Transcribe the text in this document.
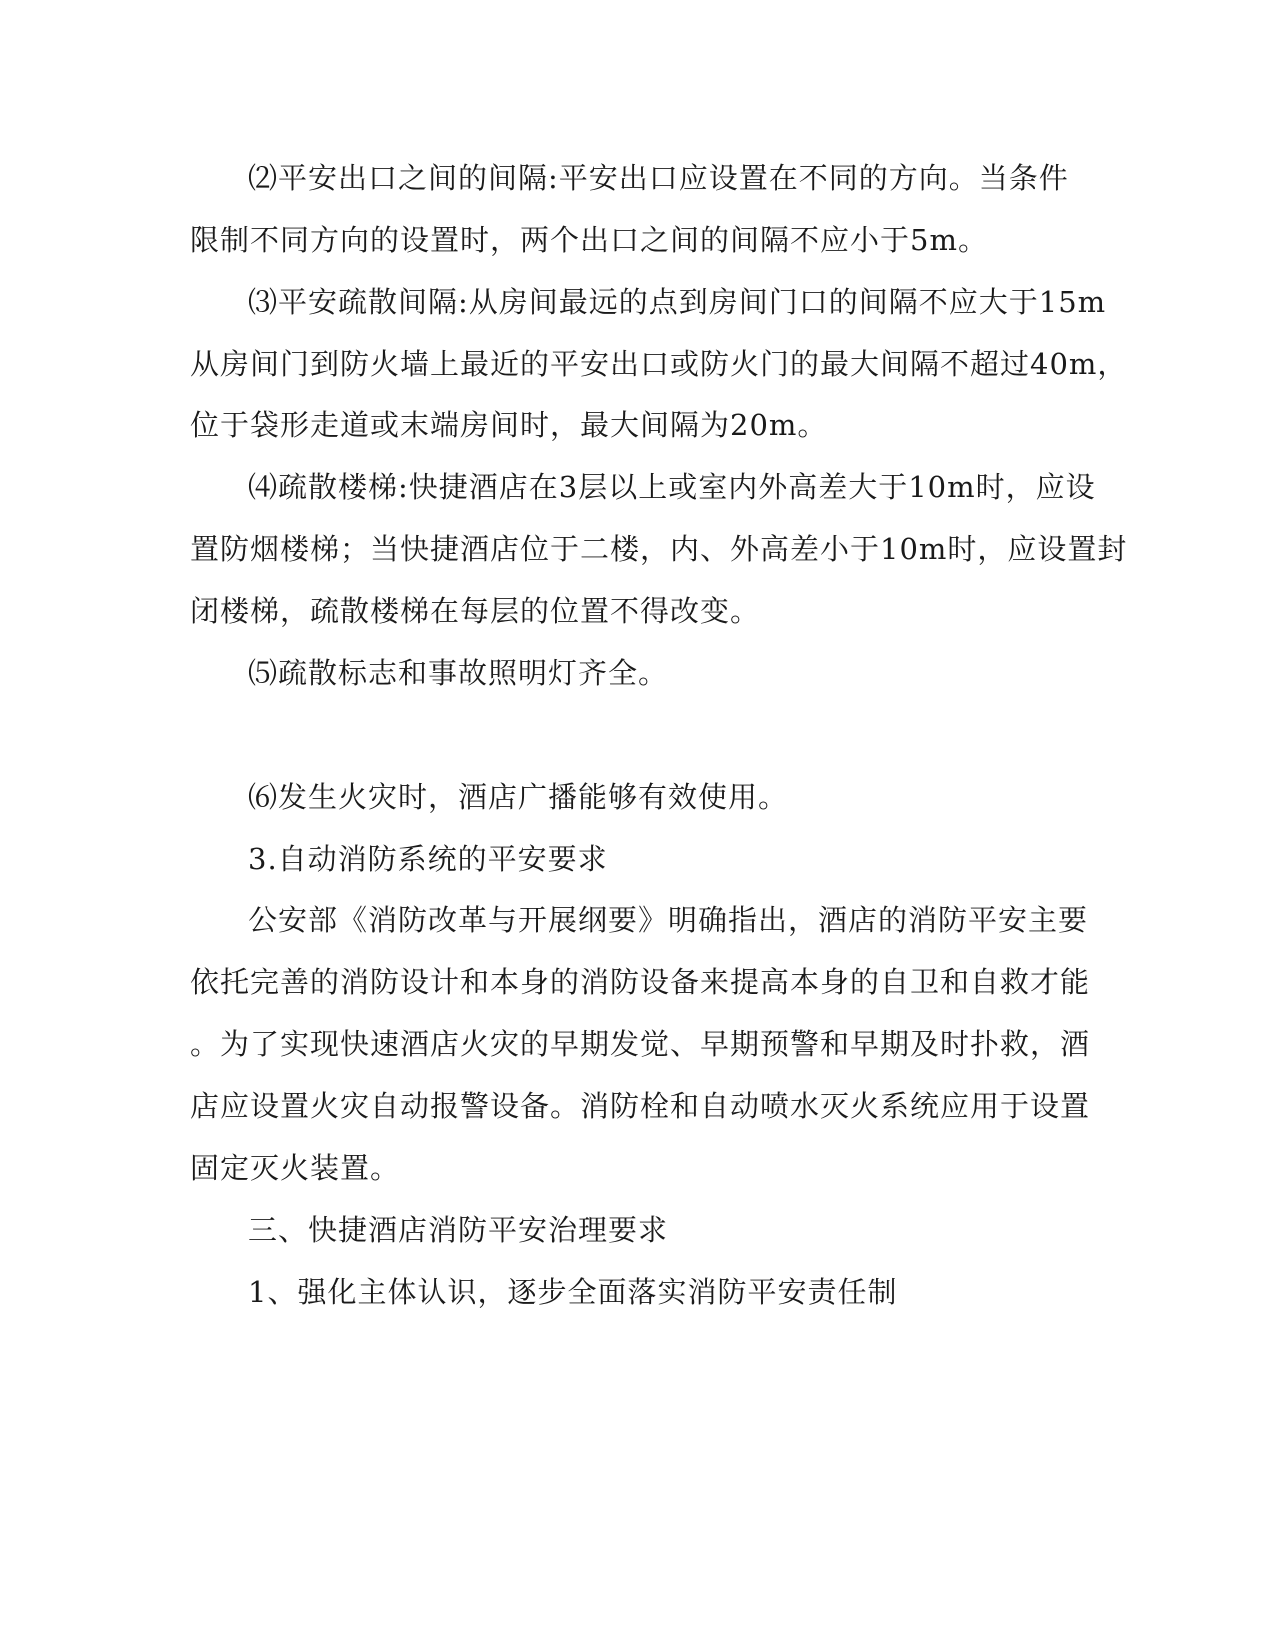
⑵平安出口之间的间隔:平安出口应设置在不同的方向。当条件
限制不同方向的设置时，两个出口之间的间隔不应小于5m。
⑶平安疏散间隔:从房间最远的点到房间门口的间隔不应大于15m
从房间门到防火墙上最近的平安出口或防火门的最大间隔不超过40m，
位于袋形走道或末端房间时，最大间隔为20m。
⑷疏散楼梯:快捷酒店在3层以上或室内外高差大于10m时，应设
置防烟楼梯；当快捷酒店位于二楼，内、外高差小于10m时，应设置封
闭楼梯，疏散楼梯在每层的位置不得改变。
⑸疏散标志和事故照明灯齐全。
⑹发生火灾时，酒店广播能够有效使用。
3.自动消防系统的平安要求
公安部《消防改革与开展纲要》明确指出，酒店的消防平安主要
依托完善的消防设计和本身的消防设备来提高本身的自卫和自救才能
。为了实现快速酒店火灾的早期发觉、早期预警和早期及时扑救，酒
店应设置火灾自动报警设备。消防栓和自动喷水灭火系统应用于设置
固定灭火装置。
三、快捷酒店消防平安治理要求
1、强化主体认识，逐步全面落实消防平安责任制
